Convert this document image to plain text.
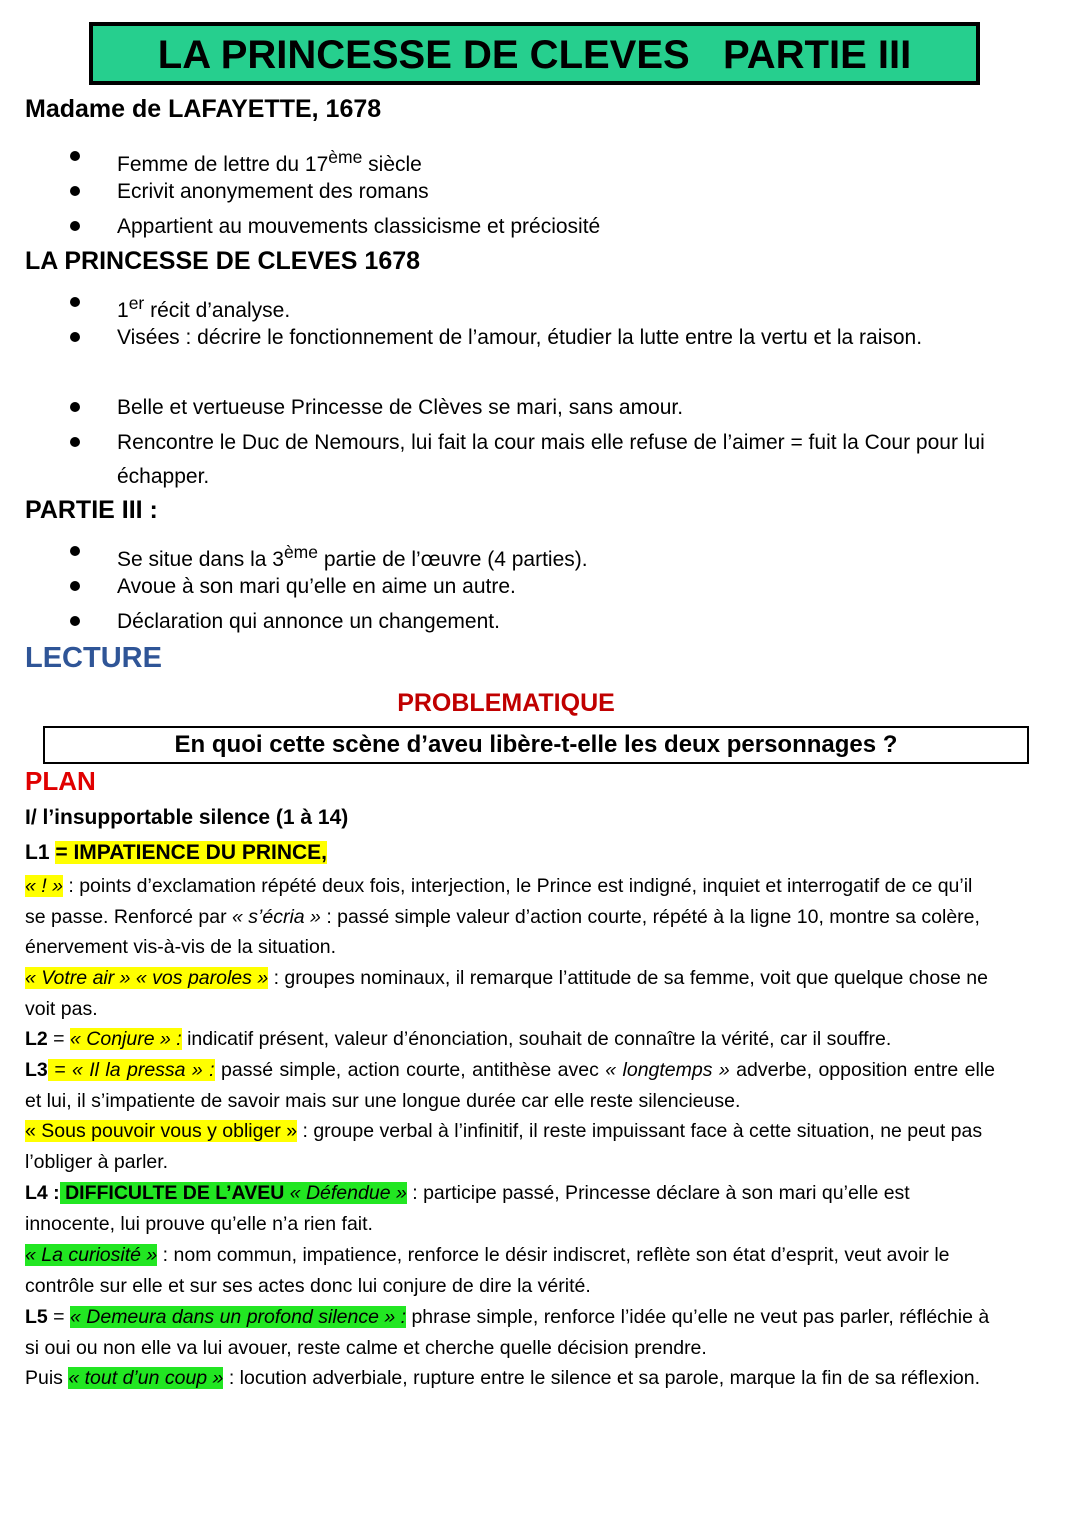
LA PRINCESSE DE CLEVES   PARTIE III
Madame de LAFAYETTE, 1678
Femme de lettre du 17ème siècle
Ecrivit anonymement des romans
Appartient au mouvements classicisme et préciosité
LA PRINCESSE DE CLEVES 1678
1er récit d’analyse.
Visées : décrire le fonctionnement de l’amour, étudier la lutte entre la vertu et la raison.
Belle et vertueuse Princesse de Clèves se mari, sans amour.
Rencontre le Duc de Nemours, lui fait la cour mais elle refuse de l’aimer = fuit la Cour pour lui échapper.
PARTIE III :
Se situe dans la 3ème partie de l’œuvre (4 parties).
Avoue à son mari qu’elle en aime un autre.
Déclaration qui annonce un changement.
LECTURE
PROBLEMATIQUE
En quoi cette scène d’aveu libère-t-elle les deux personnages ?
PLAN
I/ l’insupportable silence (1 à 14)
L1 = IMPATIENCE DU PRINCE,
« ! » : points d’exclamation répété deux fois, interjection, le Prince est indigné, inquiet et interrogatif de ce qu’il se passe. Renforcé par « s’écria » : passé simple valeur d’action courte, répété à la ligne 10, montre sa colère, énervement vis-à-vis de la situation.
« Votre air » « vos paroles » : groupes nominaux, il remarque l’attitude de sa femme, voit que quelque chose ne voit pas.
L2 = « Conjure » : indicatif présent, valeur d’énonciation, souhait de connaître la vérité, car il souffre.
L3 = « Il la pressa » : passé simple, action courte, antithèse avec « longtemps » adverbe, opposition entre elle et lui, il s’impatiente de savoir mais sur une longue durée car elle reste silencieuse.
« Sous pouvoir vous y obliger » : groupe verbal à l’infinitif, il reste impuissant face à cette situation, ne peut pas l’obliger à parler.
L4 : DIFFICULTE DE L’AVEU « Défendue » : participe passé, Princesse déclare à son mari qu’elle est innocente, lui prouve qu’elle n’a rien fait.
« La curiosité » : nom commun, impatience, renforce le désir indiscret, reflète son état d’esprit, veut avoir le contrôle sur elle et sur ses actes donc lui conjure de dire la vérité.
L5 = « Demeura dans un profond silence » : phrase simple, renforce l’idée qu’elle ne veut pas parler, réfléchie à si oui ou non elle va lui avouer, reste calme et cherche quelle décision prendre.
Puis « tout d’un coup » : locution adverbiale, rupture entre le silence et sa parole, marque la fin de sa réflexion.
